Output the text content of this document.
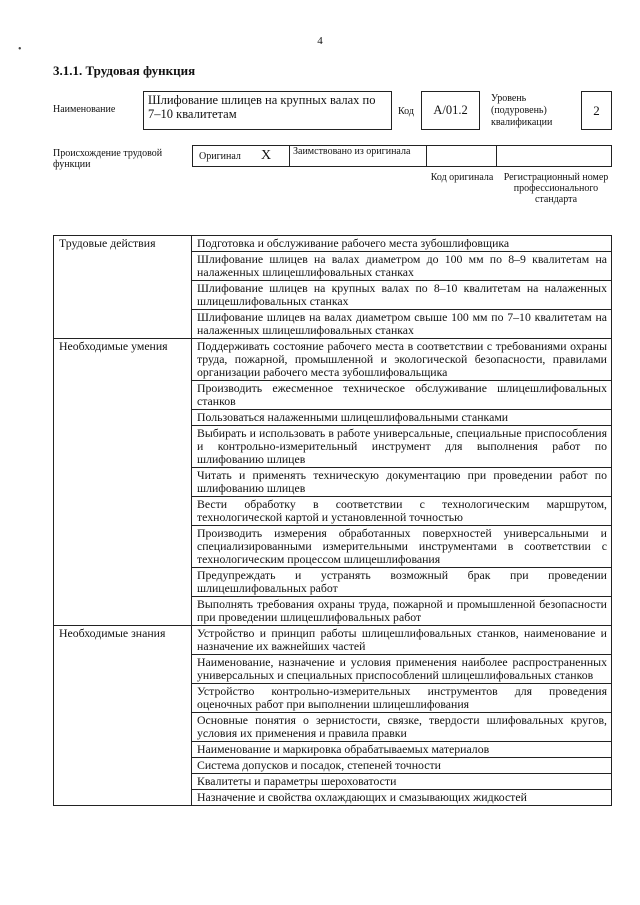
4
•
3.1.1. Трудовая функция
Наименование
Шлифование шлицев на крупных валах по 7–10 квалитетам	Код	А/01.2
Уровень (подуровень) квалификации
2
Происхождение трудовой функции
Оригинал X Заимствовано из оригинала
Код оригинала	Регистрационный номер профессионального стандарта
Трудовые действия	Подготовка и обслуживание рабочего места зубошлифовщика
	Шлифование шлицев на валах диаметром до 100 мм по 8–9 квалитетам на налаженных шлицешлифовальных станках
	Шлифование шлицев на крупных валах по 8–10 квалитетам на налаженных шлицешлифовальных станках
	Шлифование шлицев на валах диаметром свыше 100 мм по 7–10 квалитетам на налаженных шлицешлифовальных станках
Необходимые умения	Поддерживать состояние рабочего места в соответствии с требованиями охраны труда, пожарной, промышленной и экологической безопасности, правилами организации рабочего места зубошлифовальщика
	Производить ежесменное техническое обслуживание шлицешлифовальных станков
	Пользоваться налаженными шлицешлифовальными станками
	Выбирать и использовать в работе универсальные, специальные приспособления и контрольно-измерительный инструмент для выполнения работ по шлифованию шлицев
	Читать и применять техническую документацию при проведении работ по шлифованию шлицев
	Вести обработку в соответствии с технологическим маршрутом, технологической картой и установленной точностью
	Производить измерения обработанных поверхностей универсальными и специализированными измерительными инструментами в соответствии с технологическим процессом шлицешлифования
	Предупреждать и устранять возможный брак при проведении шлицешлифовальных работ
	Выполнять требования охраны труда, пожарной и промышленной безопасности при проведении шлицешлифовальных работ
Необходимые знания	Устройство и принцип работы шлицешлифовальных станков, наименование и назначение их важнейших частей
	Наименование, назначение и условия применения наиболее распространенных универсальных и специальных приспособлений шлицешлифовальных станков
	Устройство контрольно-измерительных инструментов для проведения оценочных работ при выполнении шлицешлифования
	Основные понятия о зернистости, связке, твердости шлифовальных кругов, условия их применения и правила правки
	Наименование и маркировка обрабатываемых материалов
	Система допусков и посадок, степеней точности
	Квалитеты и параметры шероховатости
	Назначение и свойства охлаждающих и смазывающих жидкостей
